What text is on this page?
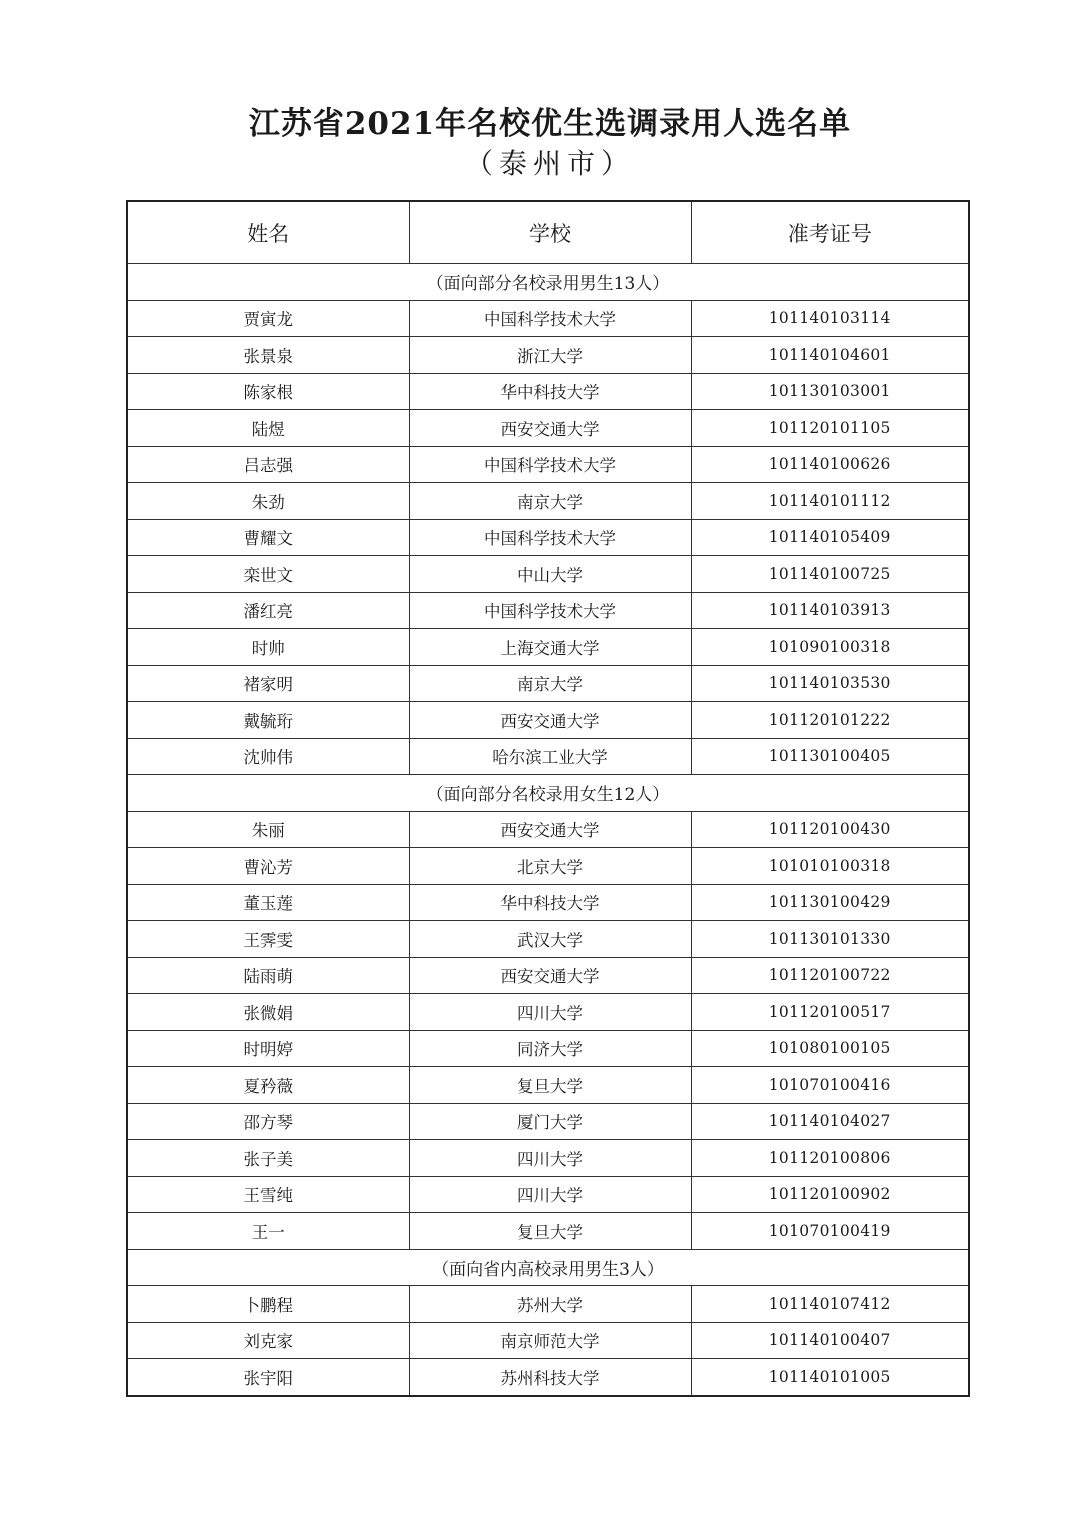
江苏省2021年名校优生选调录用人选名单
（泰州市）
姓名	学校	准考证号
（面向部分名校录用男生13人）		
贾寅龙	中国科学技术大学	101140103114
张景泉	浙江大学	101140104601
陈家根	华中科技大学	101130103001
陆煜	西安交通大学	101120101105
吕志强	中国科学技术大学	101140100626
朱劲	南京大学	101140101112
曹耀文	中国科学技术大学	101140105409
栾世文	中山大学	101140100725
潘红亮	中国科学技术大学	101140103913
时帅	上海交通大学	101090100318
褚家明	南京大学	101140103530
戴毓珩	西安交通大学	101120101222
沈帅伟	哈尔滨工业大学	101130100405
（面向部分名校录用女生12人）		
朱丽	西安交通大学	101120100430
曹沁芳	北京大学	101010100318
董玉莲	华中科技大学	101130100429
王霁雯	武汉大学	101130101330
陆雨萌	西安交通大学	101120100722
张微娟	四川大学	101120100517
时明婷	同济大学	101080100105
夏矜薇	复旦大学	101070100416
邵方琴	厦门大学	101140104027
张子美	四川大学	101120100806
王雪纯	四川大学	101120100902
王一	复旦大学	101070100419
（面向省内高校录用男生3人）		
卜鹏程	苏州大学	101140107412
刘克家	南京师范大学	101140100407
张宇阳	苏州科技大学	101140101005
